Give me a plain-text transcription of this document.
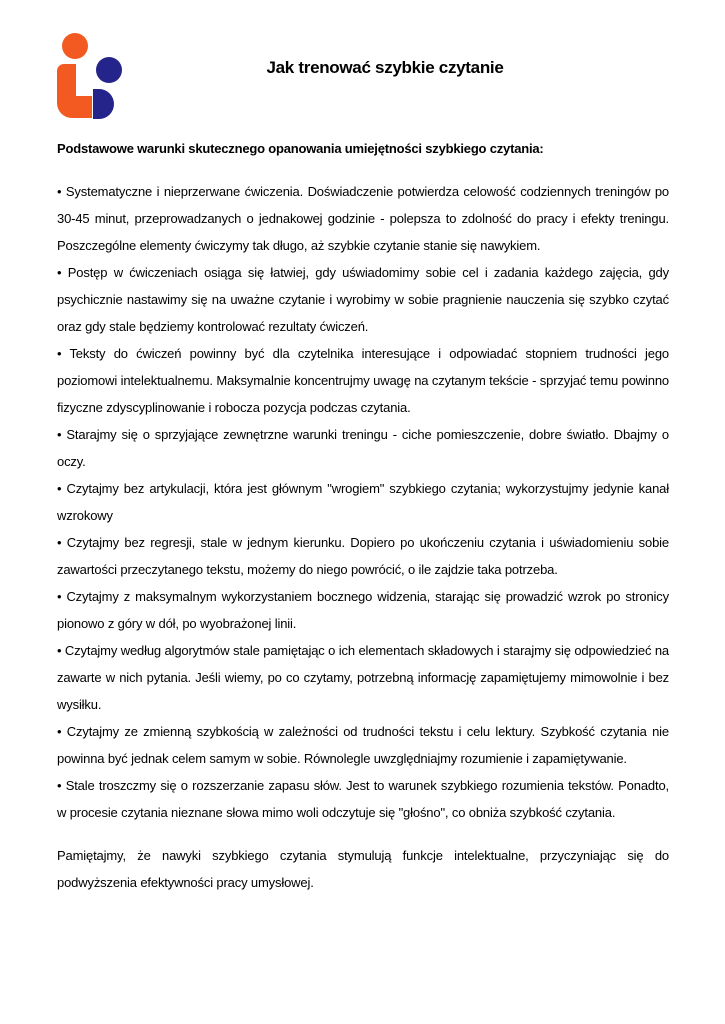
Jak trenować szybkie czytanie

Podstawowe warunki skutecznego opanowania umiejętności szybkiego czytania:

• Systematyczne i nieprzerwane ćwiczenia. Doświadczenie potwierdza celowość codziennych treningów po 30-45 minut, przeprowadzanych o jednakowej godzinie - polepsza to zdolność do pracy i efekty treningu. Poszczególne elementy ćwiczymy tak długo, aż szybkie czytanie stanie się nawykiem.

• Postęp w ćwiczeniach osiąga się łatwiej, gdy uświadomimy sobie cel i zadania każdego zajęcia, gdy psychicznie nastawimy się na uważne czytanie i wyrobimy w sobie pragnienie nauczenia się szybko czytać oraz gdy stale będziemy kontrolować rezultaty ćwiczeń.

• Teksty do ćwiczeń powinny być dla czytelnika interesujące i odpowiadać stopniem trudności jego poziomowi intelektualnemu. Maksymalnie koncentrujmy uwagę na czytanym tekście - sprzyjać temu powinno fizyczne zdyscyplinowanie i robocza pozycja podczas czytania.

• Starajmy się o sprzyjające zewnętrzne warunki treningu - ciche pomieszczenie, dobre światło. Dbajmy o oczy.

• Czytajmy bez artykulacji, która jest głównym "wrogiem" szybkiego czytania; wykorzystujmy jedynie kanał wzrokowy

• Czytajmy bez regresji, stale w jednym kierunku. Dopiero po ukończeniu czytania i uświadomieniu sobie zawartości przeczytanego tekstu, możemy do niego powrócić, o ile zajdzie taka potrzeba.

• Czytajmy z maksymalnym wykorzystaniem bocznego widzenia, starając się prowadzić wzrok po stronicy pionowo z góry w dół, po wyobrażonej linii.

• Czytajmy według algorytmów stale pamiętając o ich elementach składowych i starajmy się odpowiedzieć na zawarte w nich pytania. Jeśli wiemy, po co czytamy, potrzebną informację zapamiętujemy mimowolnie i bez wysiłku.

• Czytajmy ze zmienną szybkością w zależności od trudności tekstu i celu lektury. Szybkość czytania nie powinna być jednak celem samym w sobie. Równolegle uwzględniajmy rozumienie i zapamiętywanie.

• Stale troszczmy się o rozszerzanie zapasu słów. Jest to warunek szybkiego rozumienia tekstów. Ponadto, w procesie czytania nieznane słowa mimo woli odczytuje się "głośno", co obniża szybkość czytania.

Pamiętajmy, że nawyki szybkiego czytania stymulują funkcje intelektualne, przyczyniając się do podwyższenia efektywności pracy umysłowej.
